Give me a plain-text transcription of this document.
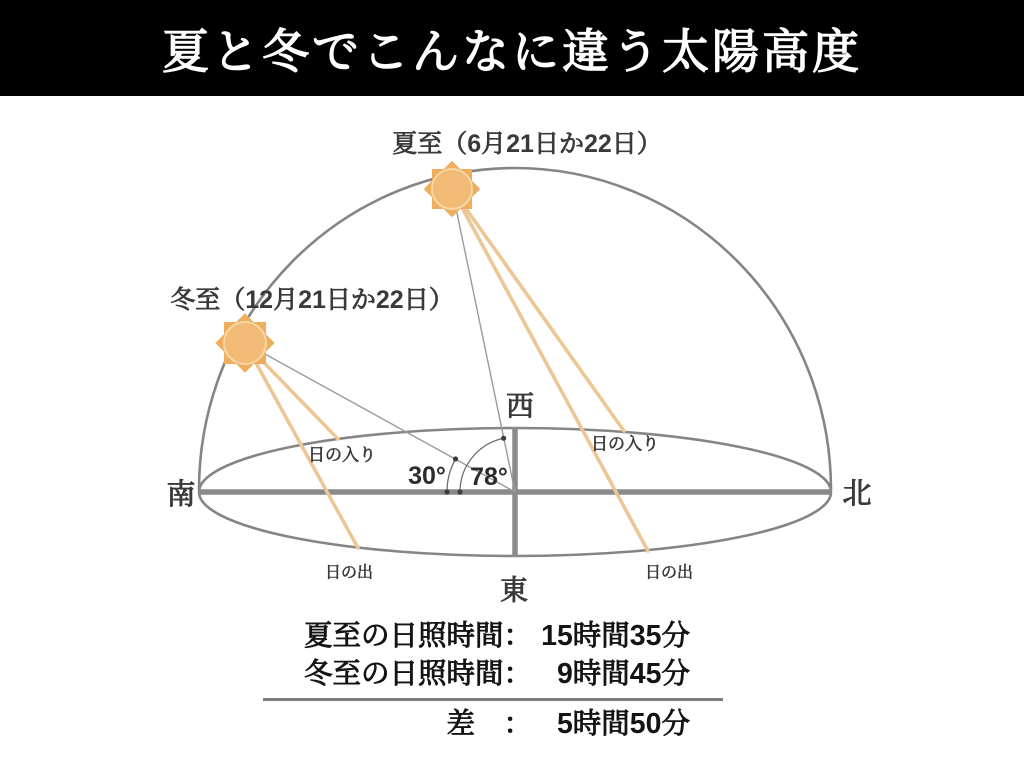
夏と冬でこんなに違う太陽高度
夏至（6月21日か22日）
冬至（12月21日か22日）
南	北
西
東
日の入り
日の入り
日の出	日の出
30° 78°
夏至の日照時間： 15時間35分
冬至の日照時間： 9時間45分
差　： 5時間50分
